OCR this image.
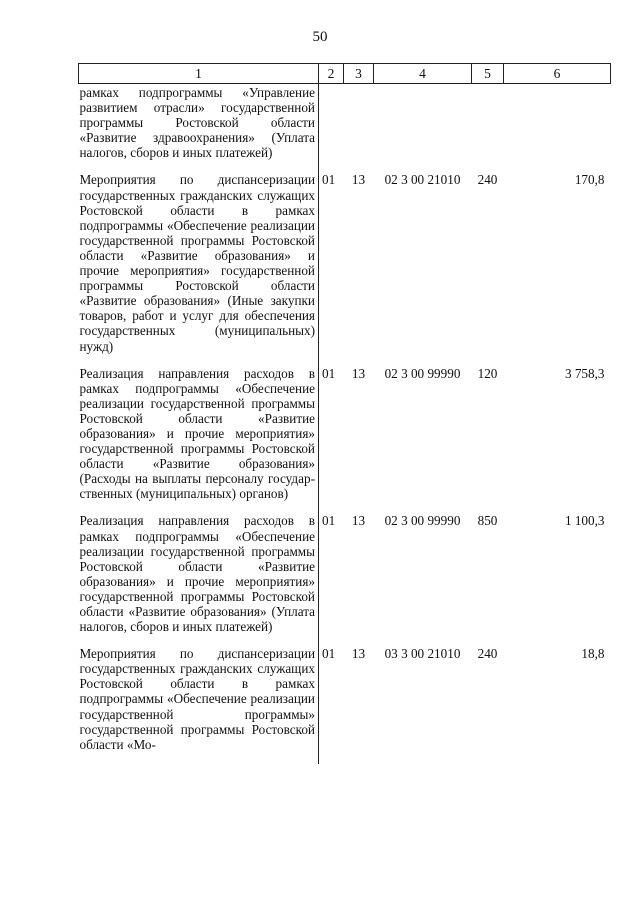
50
1	2	3	4	5	6
рамках подпрограммы «Управление развитием отрасли» государственной программы Ростовской области «Развитие здравоохранения» (Уплата налогов, сборов и иных платежей)					
Мероприятия по диспансеризации государственных гражданских служащих Ростовской области в рамках подпрограммы «Обеспечение реализации государственной программы Ростовской области «Развитие образования» и прочие мероприятия» государственной программы Ростовской области «Развитие образования» (Иные закупки товаров, работ и услуг для обеспечения государственных (муниципальных) нужд)	01	13	02 3 00 21010	240	170,8
Реализация направления расходов в рамках подпрограммы «Обеспечение реализации государственной программы Ростовской области «Развитие образования» и прочие мероприятия» государственной программы Ростовской области «Развитие образования» (Расходы на выплаты персоналу государственных (муниципальных) органов)	01	13	02 3 00 99990	120	3 758,3
Реализация направления расходов в рамках подпрограммы «Обеспечение реализации государственной программы Ростовской области «Развитие образования» и прочие мероприятия» государственной программы Ростовской области «Развитие образования» (Уплата налогов, сборов и иных платежей)	01	13	02 3 00 99990	850	1 100,3
Мероприятия по диспансеризации государственных гражданских служащих Ростовской области в рамках подпрограммы «Обеспечение реализации государственной программы» государственной программы Ростовской области «Мо-	01	13	03 3 00 21010	240	18,8
